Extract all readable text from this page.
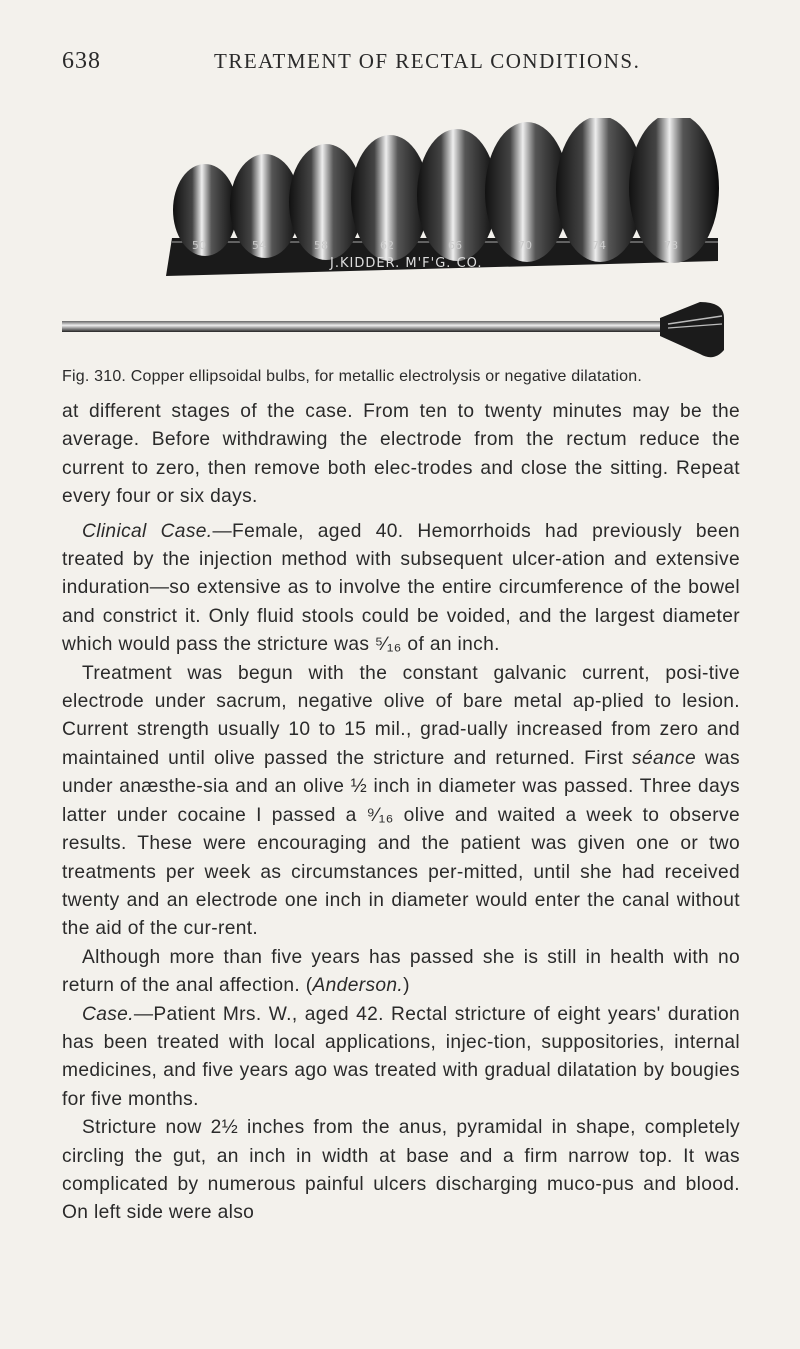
638	TREATMENT OF RECTAL CONDITIONS.
50	54	58	62	66	70	74	78
J.KIDDER. M'F'G. CO.
Fig. 310. Copper ellipsoidal bulbs, for metallic electrolysis or negative dilatation.

at different stages of the case. From ten to twenty minutes may be the average. Before withdrawing the electrode from the rectum reduce the current to zero, then remove both elec-trodes and close the sitting. Repeat every four or six days.

Clinical Case.—Female, aged 40. Hemorrhoids had previously been treated by the injection method with subsequent ulcer-ation and extensive induration—so extensive as to involve the entire circumference of the bowel and constrict it. Only fluid stools could be voided, and the largest diameter which would pass the stricture was ⁵⁄₁₆ of an inch.

Treatment was begun with the constant galvanic current, posi-tive electrode under sacrum, negative olive of bare metal ap-plied to lesion. Current strength usually 10 to 15 mil., grad-ually increased from zero and maintained until olive passed the stricture and returned. First séance was under anæsthe-sia and an olive ½ inch in diameter was passed. Three days latter under cocaine I passed a ⁹⁄₁₆ olive and waited a week to observe results. These were encouraging and the patient was given one or two treatments per week as circumstances per-mitted, until she had received twenty and an electrode one inch in diameter would enter the canal without the aid of the cur-rent.

Although more than five years has passed she is still in health with no return of the anal affection. (Anderson.)

Case.—Patient Mrs. W., aged 42. Rectal stricture of eight years' duration has been treated with local applications, injec-tion, suppositories, internal medicines, and five years ago was treated with gradual dilatation by bougies for five months.

Stricture now 2½ inches from the anus, pyramidal in shape, completely circling the gut, an inch in width at base and a firm narrow top. It was complicated by numerous painful ulcers discharging muco-pus and blood. On left side were also
